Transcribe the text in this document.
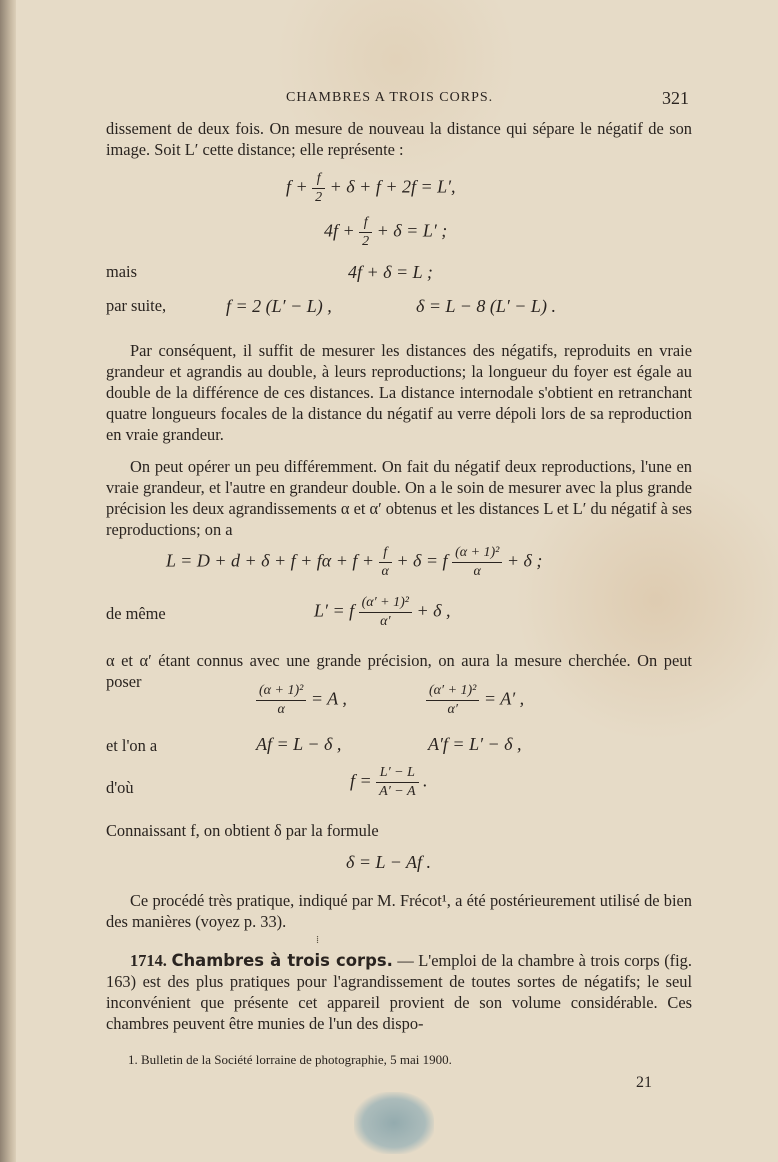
CHAMBRES A TROIS CORPS.	321
dissement de deux fois. On mesure de nouveau la distance qui sépare le négatif de son image. Soit L′ cette distance; elle représente :
$f + \frac{f}{2} + \delta + f + 2f = L'$,
$4f + \frac{f}{2} + \delta = L'$ ;
mais	4f + δ = L ;
par suite,	f = 2 (L′ − L) ,	δ = L − 8 (L′ − L) .
Par conséquent, il suffit de mesurer les distances des négatifs, reproduits en vraie grandeur et agrandis au double, à leurs reproductions; la longueur du foyer est égale au double de la différence de ces distances. La distance internodale s'obtient en retranchant quatre longueurs focales de la distance du négatif au verre dépoli lors de sa reproduction en vraie grandeur.
On peut opérer un peu différemment. On fait du négatif deux reproductions, l'une en vraie grandeur, et l'autre en grandeur double. On a le soin de mesurer avec la plus grande précision les deux agrandissements α et α′ obtenus et les distances L et L′ du négatif à ses reproductions; on a
$L = D + d + \delta + f + f\alpha + f + \frac{f}{\alpha} + \delta = f \frac{\text{(α + 1)²}}{\alpha} + \delta$ ;
de même	L′ = f $\frac{\text{(α′ + 1)²}}{\alpha'} + \delta$ ,
α et α′ étant connus avec une grande précision, on aura la mesure cherchée. On peut poser
$\frac{\text{(α + 1)²}}{\alpha} = A$ ,	$\frac{\text{(α′ + 1)²}}{\alpha'} = A'$ ,
et l'on a	Af = L − δ ,	A′f = L′ − δ ,
d'où	$f = \frac{L' - L}{A' - A}$ .
Connaissant f, on obtient δ par la formule
δ = L − Af .
Ce procédé très pratique, indiqué par M. Frécot¹, a été postérieurement utilisé de bien des manières (voyez p. 33).
⁞
1714. Chambres à trois corps. — L'emploi de la chambre à trois corps (fig. 163) est des plus pratiques pour l'agrandissement de toutes sortes de négatifs; le seul inconvénient que présente cet appareil provient de son volume considérable. Ces chambres peuvent être munies de l'un des dispo-
1. Bulletin de la Société lorraine de photographie, 5 mai 1900.
21
